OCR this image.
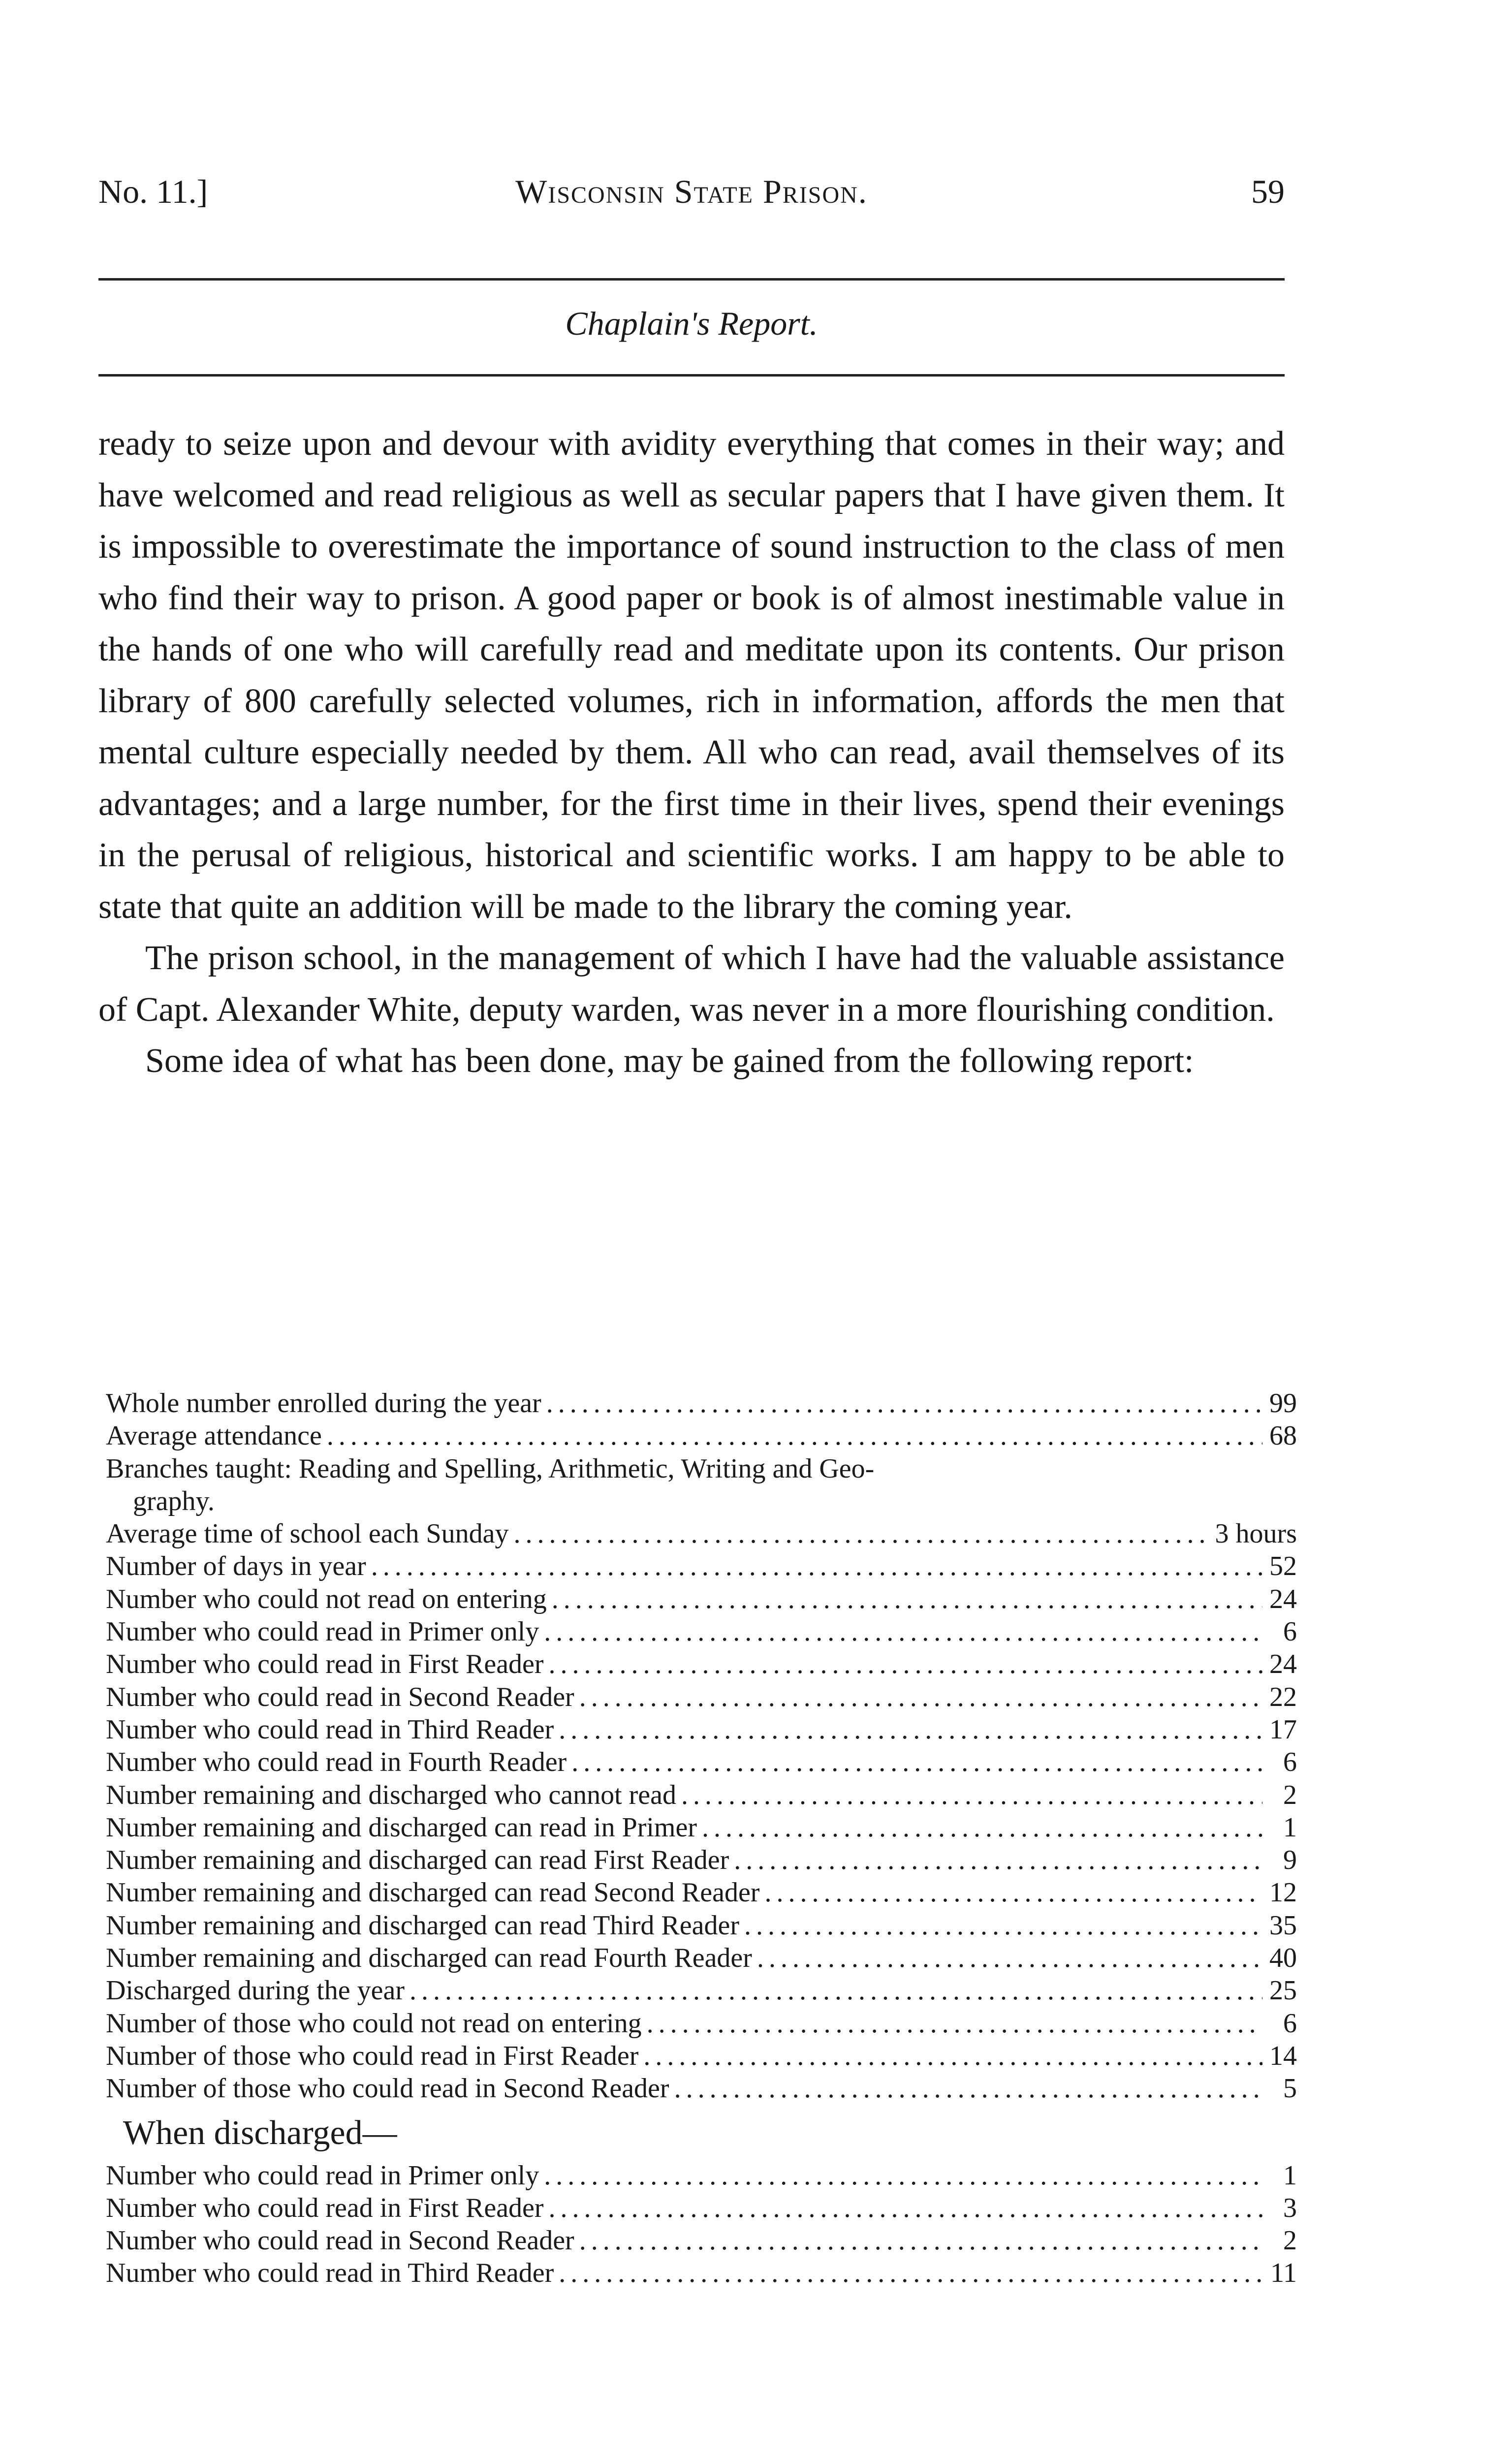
No. 11.]	Wisconsin State Prison.	59
Chaplain's Report.

ready to seize upon and devour with avidity everything that comes in their way; and have welcomed and read religious as well as secular papers that I have given them. It is impossible to overestimate the importance of sound instruction to the class of men who find their way to prison. A good paper or book is of almost inestimable value in the hands of one who will carefully read and meditate upon its contents. Our prison library of 800 carefully selected volumes, rich in information, affords the men that mental culture especially needed by them. All who can read, avail themselves of its advantages; and a large number, for the first time in their lives, spend their evenings in the perusal of religious, historical and scientific works. I am happy to be able to state that quite an addition will be made to the library the coming year.

The prison school, in the management of which I have had the valuable assistance of Capt. Alexander White, deputy warden, was never in a more flourishing condition.

Some idea of what has been done, may be gained from the following report:

Whole number enrolled during the year . . .	99
Average attendance . . .	68
Branches taught: Reading and Spelling, Arithmetic, Writing and Geo-
graphy.
Average time of school each Sunday . . .	3 hours
Number of days in year . . .	52
Number who could not read on entering . . .	24
Number who could read in Primer only . . .	6
Number who could read in First Reader . . .	24
Number who could read in Second Reader . . .	22
Number who could read in Third Reader . . .	17
Number who could read in Fourth Reader . . .	6
Number remaining and discharged who cannot read . . .	2
Number remaining and discharged can read in Primer . . .	1
Number remaining and discharged can read First Reader . . .	9
Number remaining and discharged can read Second Reader . . .	12
Number remaining and discharged can read Third Reader . . .	35
Number remaining and discharged can read Fourth Reader . . .	40
Discharged during the year . . .	25
Number of those who could not read on entering . . .	6
Number of those who could read in First Reader . . .	14
Number of those who could read in Second Reader . . .	5
When discharged—
Number who could read in Primer only . . .	1
Number who could read in First Reader . . .	3
Number who could read in Second Reader . . .	2
Number who could read in Third Reader . . .	11
